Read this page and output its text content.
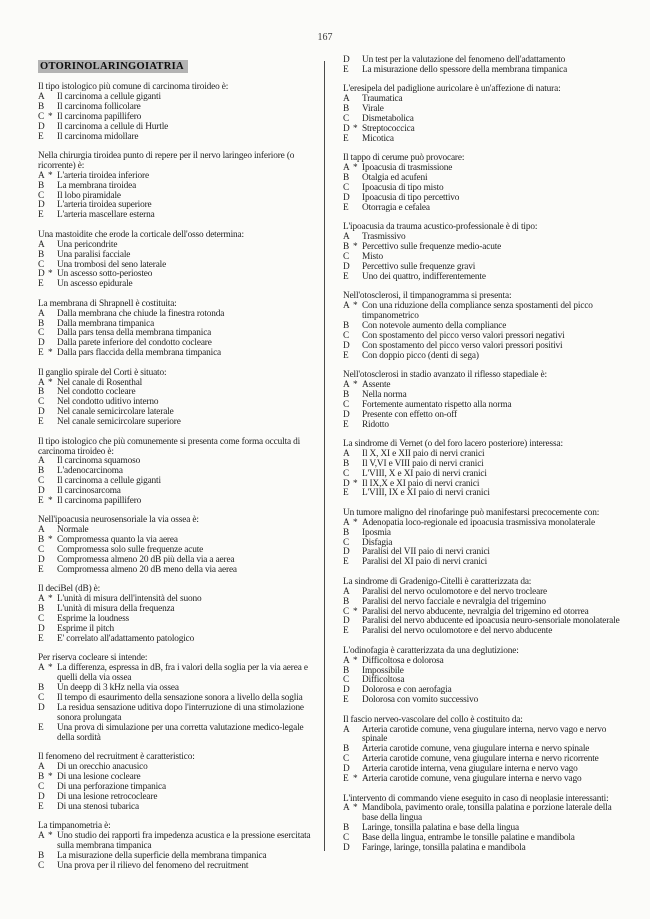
167
OTORINOLARINGOIATRIA
Il tipo istologico più comune di carcinoma tiroideo è:
A	Il carcinoma a cellule giganti
B	Il carcinoma follicolare
C * Il carcinoma papillifero
D	Il carcinoma a cellule di Hurtle
E	Il carcinoma midollare
Nella chirurgia tiroidea punto di repere per il nervo laringeo inferiore (o ricorrente) è:
A * L'arteria tiroidea inferiore
B	La membrana tiroidea
C	Il lobo piramidale
D	L'arteria tiroidea superiore
E	L'arteria mascellare esterna
Una mastoidite che erode la corticale dell'osso determina:
A	Una pericondrite
B	Una paralisi facciale
C	Una trombosi del seno laterale
D * Un ascesso sotto-periosteo
E	Un ascesso epidurale
La membrana di Shrapnell è costituita:
A	Dalla membrana che chiude la finestra rotonda
B	Dalla membrana timpanica
C	Dalla pars tensa della membrana timpanica
D	Dalla parete inferiore del condotto cocleare
E * Dalla pars flaccida della membrana timpanica
Il ganglio spirale del Corti è situato:
A * Nel canale di Rosenthal
B	Nel condotto cocleare
C	Nel condotto uditivo interno
D	Nel canale semicircolare laterale
E	Nel canale semicircolare superiore
Il tipo istologico che più comunemente si presenta come forma occulta di carcinoma tiroideo è:
A	Il carcinoma squamoso
B	L'adenocarcinoma
C	Il carcinoma a cellule giganti
D	Il carcinosarcoma
E * Il carcinoma papillifero
Nell'ipoacusia neurosensoriale la via ossea è:
A	Normale
B * Compromessa quanto la via aerea
C	Compromessa solo sulle frequenze acute
D	Compromessa almeno 20 dB più della via a aerea
E	Compromessa almeno 20 dB meno della via aerea
Il deciBel (dB) è:
A * L'unità di misura dell'intensità del suono
B	L'unità di misura della frequenza
C	Esprime la loudness
D	Esprime il pitch
E	E' correlato all'adattamento patologico
Per riserva cocleare si intende:
A * La differenza, espressa in dB, fra i valori della soglia per la via aerea e quelli della via ossea
B	Un deepp di 3 kHz nella via ossea
C	Il tempo di esaurimento della sensazione sonora a livello della soglia
D	La residua sensazione uditiva dopo l'interruzione di una stimolazione sonora prolungata
E	Una prova di simulazione per una corretta valutazione medico-legale della sordità
Il fenomeno del recruitment è caratteristico:
A	Di un orecchio anacusico
B * Di una lesione cocleare
C	Di una perforazione timpanica
D	Di una lesione retrococleare
E	Di una stenosi tubarica
La timpanometria è:
A * Uno studio dei rapporti fra impedenza acustica e la pressione esercitata sulla membrana timpanica
B	La misurazione della superficie della membrana timpanica
C	Una prova per il rilievo del fenomeno del recruitment
D	Un test per la valutazione del fenomeno dell'adattamento
E	La misurazione dello spessore della membrana timpanica
L'eresipela del padiglione auricolare è un'affezione di natura:
A	Traumatica
B	Virale
C	Dismetabolica
D * Streptococcica
E	Micotica
Il tappo di cerume può provocare:
A * Ipoacusia di trasmissione
B	Otalgia ed acufeni
C	Ipoacusia di tipo misto
D	Ipoacusia di tipo percettivo
E	Otorragia e cefalea
L'ipoacusia da trauma acustico-professionale è di tipo:
A	Trasmissivo
B * Percettivo sulle frequenze medio-acute
C	Misto
D	Percettivo sulle frequenze gravi
E	Uno dei quattro, indifferentemente
Nell'otosclerosi, il timpanogramma si presenta:
A * Con una riduzione della compliance senza spostamenti del picco timpanometrico
B	Con notevole aumento della compliance
C	Con spostamento del picco verso valori pressori negativi
D	Con spostamento del picco verso valori pressori positivi
E	Con doppio picco (denti di sega)
Nell'otosclerosi in stadio avanzato il riflesso stapediale è:
A * Assente
B	Nella norma
C	Fortemente aumentato rispetto alla norma
D	Presente con effetto on-off
E	Ridotto
La sindrome di Vernet (o del foro lacero posteriore) interessa:
A	Il X, XI e XII paio di nervi cranici
B	Il V,VI e VIII paio di nervi cranici
C	L'VIII, X e XI paio di nervi cranici
D * Il IX,X e XI paio di nervi cranici
E	L'VIII, IX e XI paio di nervi cranici
Un tumore maligno del rinofaringe può manifestarsi precocemente con:
A * Adenopatia loco-regionale ed ipoacusia trasmissiva monolaterale
B	Iposmia
C	Disfagia
D	Paralisi del VII paio di nervi cranici
E	Paralisi del XI paio di nervi cranici
La sindrome di Gradenigo-Citelli è caratterizzata da:
A	Paralisi del nervo oculomotore e del nervo trocleare
B	Paralisi del nervo facciale e nevralgia del trigemino
C * Paralisi del nervo abducente, nevralgia del trigemino ed otorrea
D	Paralisi del nervo abducente ed ipoacusia neuro-sensoriale monolaterale
E	Paralisi del nervo oculomotore e del nervo abducente
L'odinofagia è caratterizzata da una deglutizione:
A * Difficoltosa e dolorosa
B	Impossibile
C	Difficoltosa
D	Dolorosa e con aerofagia
E	Dolorosa con vomito successivo
Il fascio nerveo-vascolare del collo è costituito da:
A	Arteria carotide comune, vena giugulare interna, nervo vago e nervo spinale
B	Arteria carotide comune, vena giugulare interna e nervo spinale
C	Arteria carotide comune, vena giugulare interna e nervo ricorrente
D	Arteria carotide interna, vena giugulare interna e nervo vago
E * Arteria carotide comune, vena giugulare interna e nervo vago
L'intervento di commando viene eseguito in caso di neoplasie interessanti:
A * Mandibola, pavimento orale, tonsilla palatina e porzione laterale della base della lingua
B	Laringe, tonsilla palatina e base della lingua
C	Base della lingua, entrambe le tonsille palatine e mandibola
D	Faringe, laringe, tonsilla palatina e mandibola
